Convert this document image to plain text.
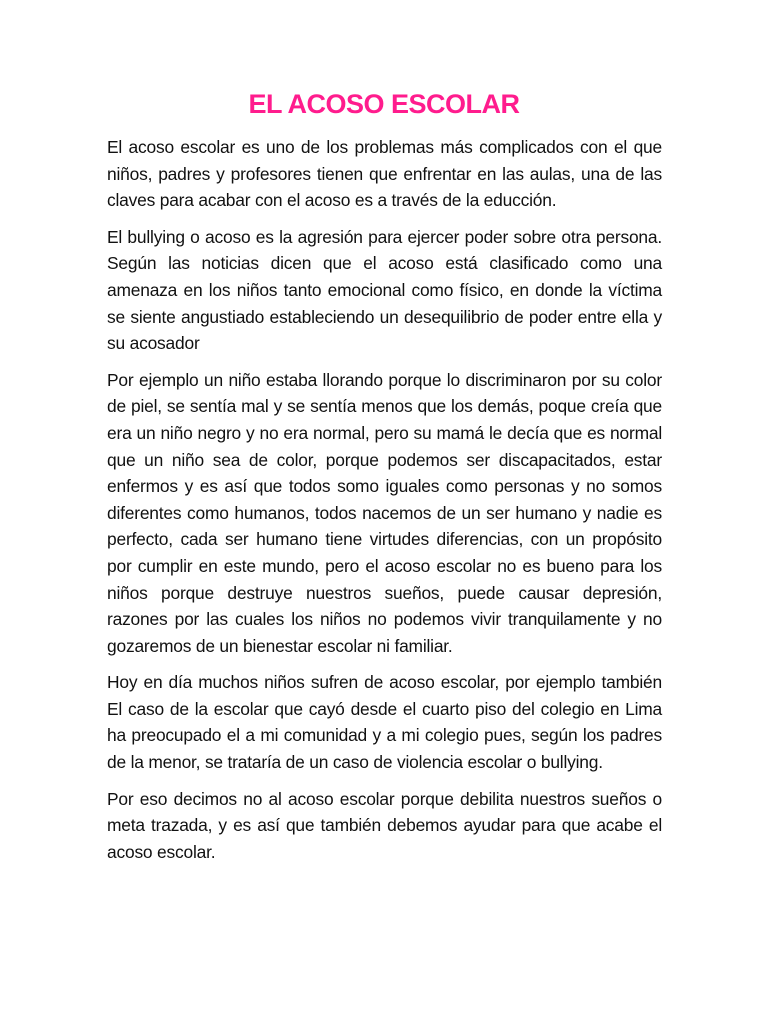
EL ACOSO ESCOLAR

El acoso escolar es uno de los problemas más complicados con el que niños, padres y profesores tienen que enfrentar en las aulas, una de las claves para acabar con el acoso es a través de la educción.

El bullying o acoso es la agresión para ejercer poder sobre otra persona. Según las noticias dicen que el acoso está clasificado como una amenaza en los niños tanto emocional como físico, en donde la víctima se siente angustiado estableciendo un desequilibrio de poder entre ella y su acosador

Por ejemplo un niño estaba llorando porque lo discriminaron por su color de piel, se sentía mal y se sentía menos que los demás, poque creía que era un niño negro y no era normal, pero su mamá le decía que es normal que un niño sea de color, porque podemos ser discapacitados, estar enfermos y es así que todos somo iguales como personas y no somos diferentes como humanos, todos nacemos de un ser humano y nadie es perfecto, cada ser humano tiene virtudes diferencias, con un propósito por cumplir en este mundo, pero el acoso escolar no es bueno para los niños porque destruye nuestros sueños, puede causar depresión, razones por las cuales los niños no podemos vivir tranquilamente y no gozaremos de un bienestar escolar ni familiar.

Hoy en día muchos niños sufren de acoso escolar, por ejemplo también El caso de la escolar que cayó desde el cuarto piso del colegio en Lima ha preocupado el a mi comunidad y a mi colegio pues, según los padres de la menor, se trataría de un caso de violencia escolar o bullying.

Por eso decimos no al acoso escolar porque debilita nuestros sueños o meta trazada, y es así que también debemos ayudar para que acabe el acoso escolar.
